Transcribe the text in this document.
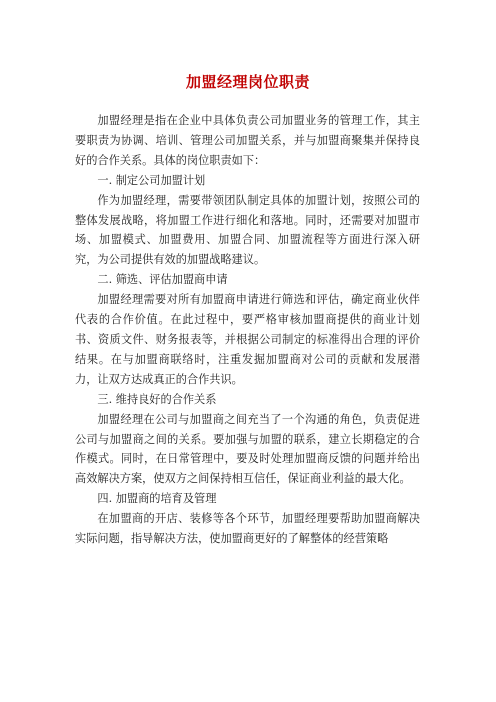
加盟经理岗位职责

加盟经理是指在企业中具体负责公司加盟业务的管理工作，其主要职责为协调、培训、管理公司加盟关系，并与加盟商聚集并保持良好的合作关系。具体的岗位职责如下：

一. 制定公司加盟计划

作为加盟经理，需要带领团队制定具体的加盟计划，按照公司的整体发展战略，将加盟工作进行细化和落地。同时，还需要对加盟市场、加盟模式、加盟费用、加盟合同、加盟流程等方面进行深入研究，为公司提供有效的加盟战略建议。

二. 筛选、评估加盟商申请

加盟经理需要对所有加盟商申请进行筛选和评估，确定商业伙伴代表的合作价值。在此过程中，要严格审核加盟商提供的商业计划书、资质文件、财务报表等，并根据公司制定的标准得出合理的评价结果。在与加盟商联络时，注重发掘加盟商对公司的贡献和发展潜力，让双方达成真正的合作共识。

三. 维持良好的合作关系

加盟经理在公司与加盟商之间充当了一个沟通的角色，负责促进公司与加盟商之间的关系。要加强与加盟的联系，建立长期稳定的合作模式。同时，在日常管理中，要及时处理加盟商反馈的问题并给出高效解决方案，使双方之间保持相互信任，保证商业利益的最大化。

四. 加盟商的培育及管理

在加盟商的开店、装修等各个环节，加盟经理要帮助加盟商解决实际问题，指导解决方法，使加盟商更好的了解整体的经营策略
